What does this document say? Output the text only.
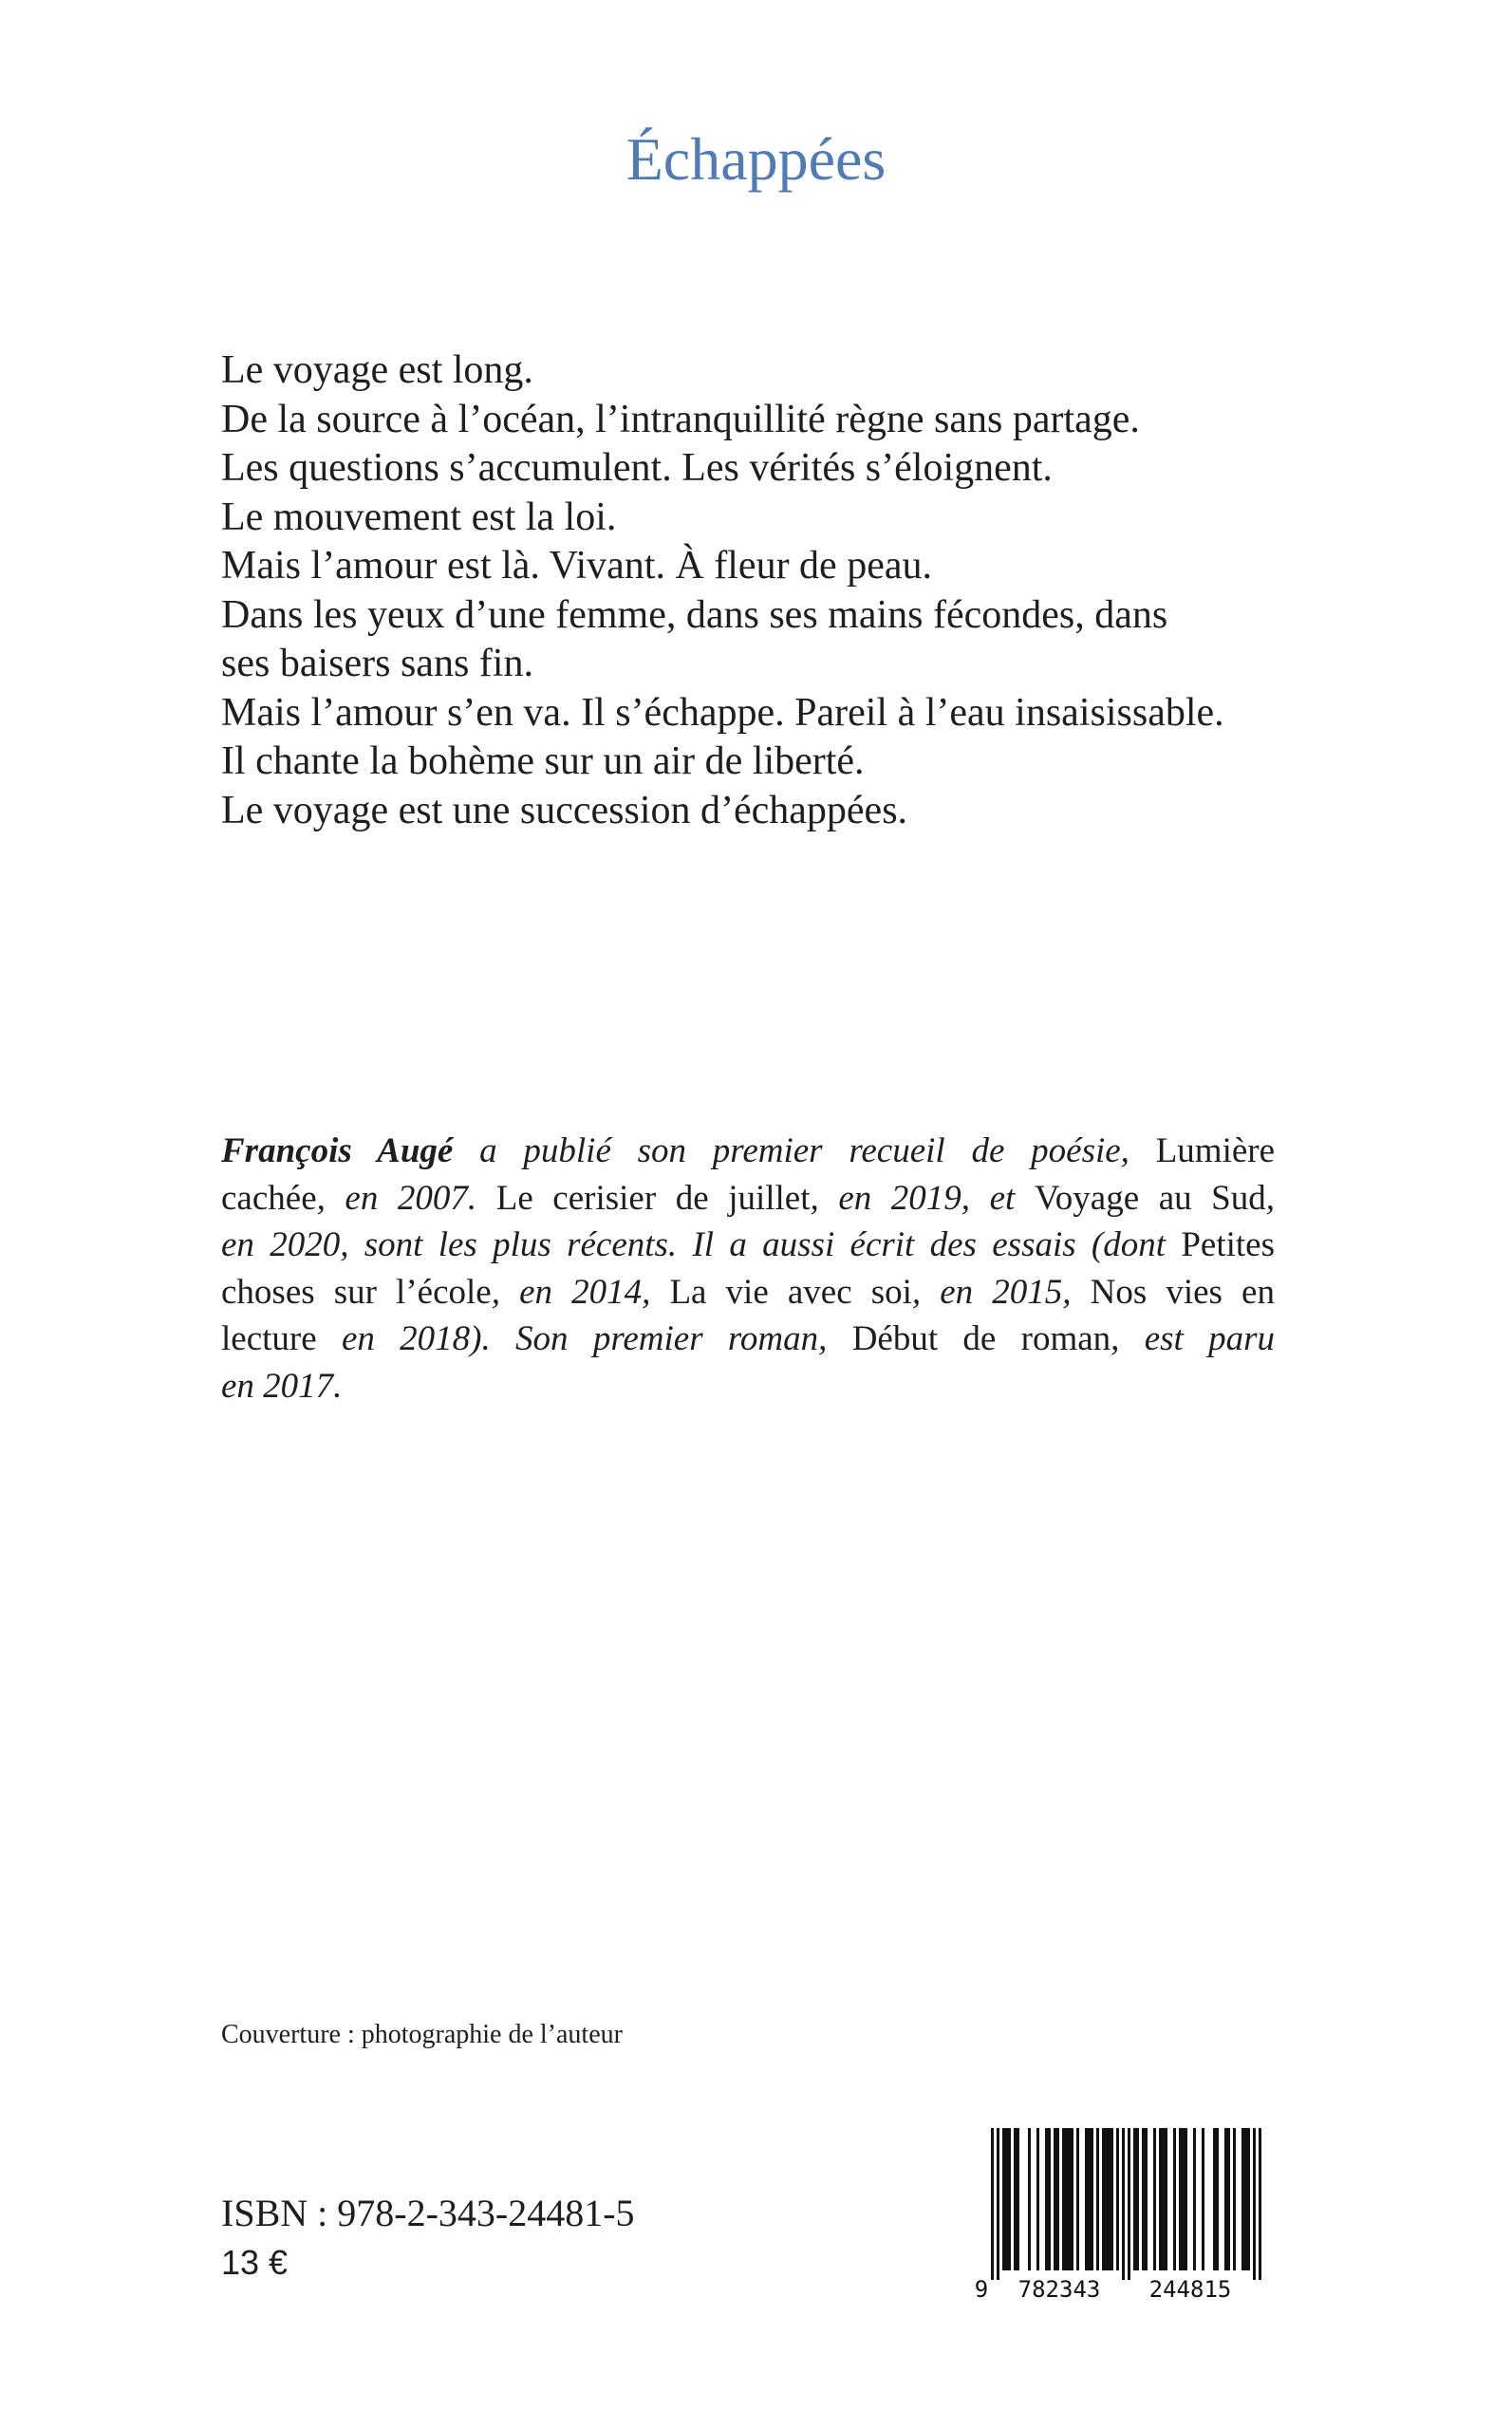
Échappées
Le voyage est long.
De la source à l’océan, l’intranquillité règne sans partage.
Les questions s’accumulent. Les vérités s’éloignent.
Le mouvement est la loi.
Mais l’amour est là. Vivant. À fleur de peau.
Dans les yeux d’une femme, dans ses mains fécondes, dans
ses baisers sans fin.
Mais l’amour s’en va. Il s’échappe. Pareil à l’eau insaisissable.
Il chante la bohème sur un air de liberté.
Le voyage est une succession d’échappées.
François Augé a publié son premier recueil de poésie, Lumière
cachée, en 2007. Le cerisier de juillet, en 2019, et Voyage au Sud,
en 2020, sont les plus récents. Il a aussi écrit des essais (dont Petites
choses sur l’école, en 2014, La vie avec soi, en 2015, Nos vies en
lecture en 2018). Son premier roman, Début de roman, est paru
en 2017.
Couverture : photographie de l’auteur
ISBN : 978-2-343-24481-5
13 €
9 782343 244815
